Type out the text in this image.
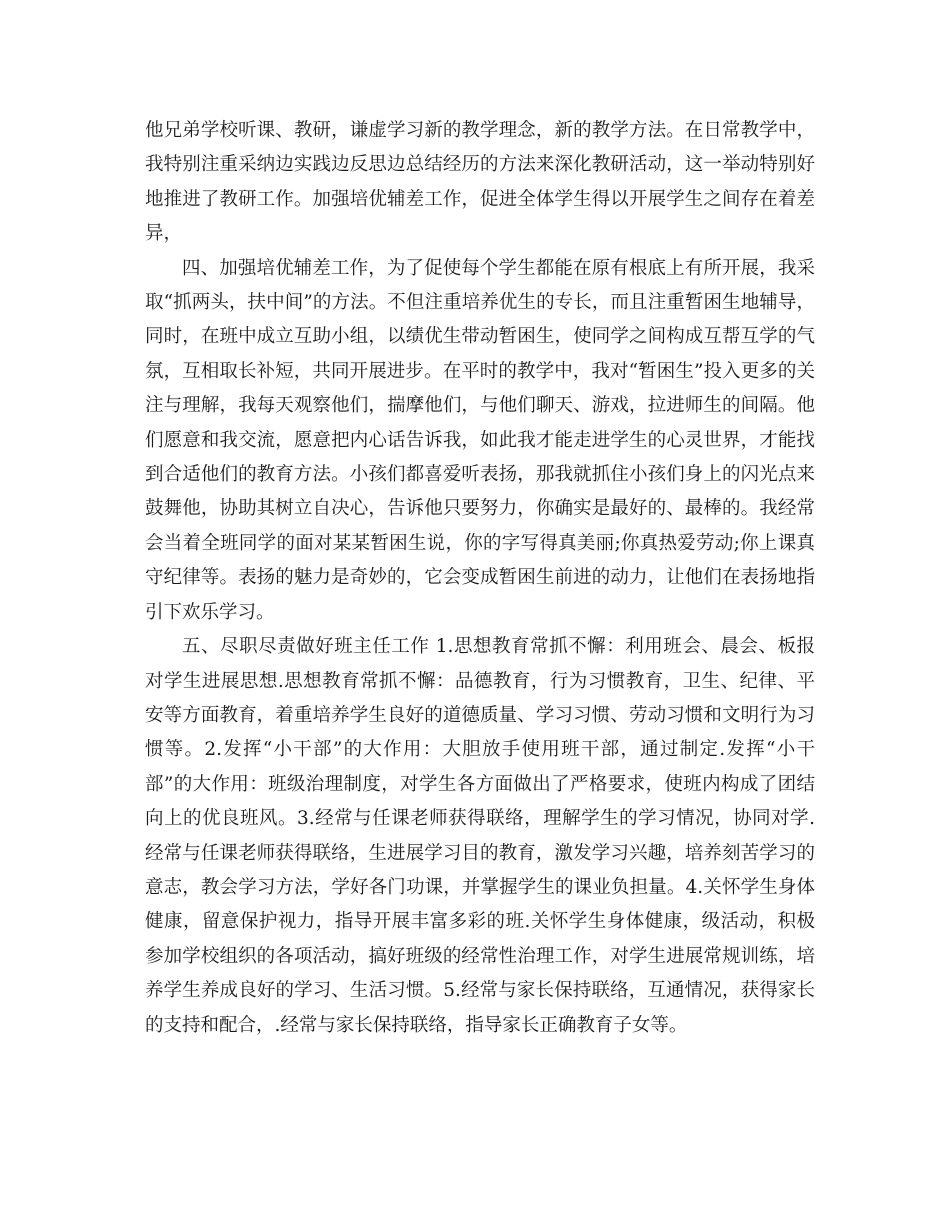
他兄弟学校听课、教研，谦虚学习新的教学理念，新的教学方法。在日常教学中，我特别注重采纳边实践边反思边总结经历的方法来深化教研活动，这一举动特别好地推进了教研工作。加强培优辅差工作，促进全体学生得以开展学生之间存在着差异，

四、加强培优辅差工作，为了促使每个学生都能在原有根底上有所开展，我采取“抓两头，扶中间”的方法。不但注重培养优生的专长，而且注重暂困生地辅导，同时，在班中成立互助小组，以绩优生带动暂困生，使同学之间构成互帮互学的气氛，互相取长补短，共同开展进步。在平时的教学中，我对“暂困生”投入更多的关注与理解，我每天观察他们，揣摩他们，与他们聊天、游戏，拉进师生的间隔。他们愿意和我交流，愿意把内心话告诉我，如此我才能走进学生的心灵世界，才能找到合适他们的教育方法。小孩们都喜爱听表扬，那我就抓住小孩们身上的闪光点来鼓舞他，协助其树立自决心，告诉他只要努力，你确实是最好的、最棒的。我经常会当着全班同学的面对某某暂困生说，你的字写得真美丽;你真热爱劳动;你上课真守纪律等。表扬的魅力是奇妙的，它会变成暂困生前进的动力，让他们在表扬地指引下欢乐学习。

五、尽职尽责做好班主任工作 1.思想教育常抓不懈：利用班会、晨会、板报对学生进展思想.思想教育常抓不懈：品德教育，行为习惯教育，卫生、纪律、平安等方面教育，着重培养学生良好的道德质量、学习习惯、劳动习惯和文明行为习惯等。2.发挥“小干部”的大作用：大胆放手使用班干部，通过制定.发挥“小干部”的大作用：班级治理制度，对学生各方面做出了严格要求，使班内构成了团结向上的优良班风。3.经常与任课老师获得联络，理解学生的学习情况，协同对学.经常与任课老师获得联络，生进展学习目的教育，激发学习兴趣，培养刻苦学习的意志，教会学习方法，学好各门功课，并掌握学生的课业负担量。4.关怀学生身体健康，留意保护视力，指导开展丰富多彩的班.关怀学生身体健康，级活动，积极参加学校组织的各项活动，搞好班级的经常性治理工作，对学生进展常规训练，培养学生养成良好的学习、生活习惯。5.经常与家长保持联络，互通情况，获得家长的支持和配合，.经常与家长保持联络，指导家长正确教育子女等。
